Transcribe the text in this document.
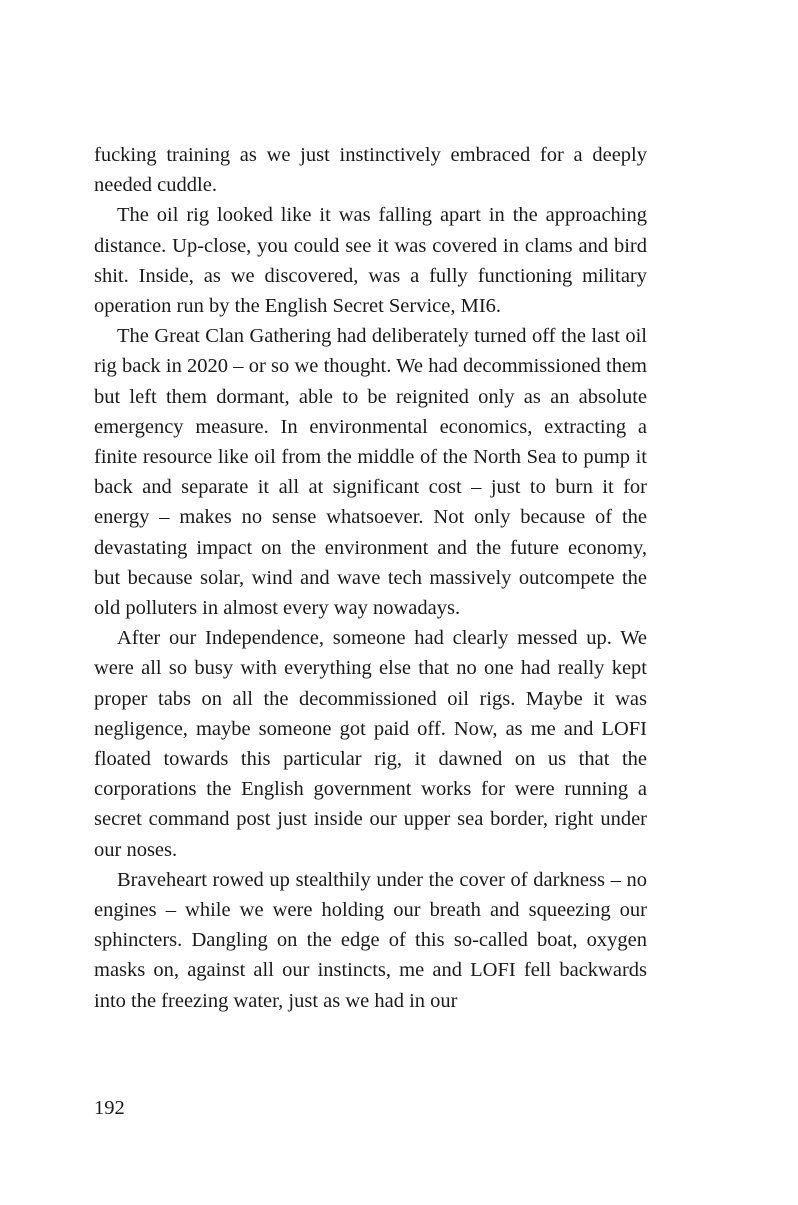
fucking training as we just instinctively embraced for a deeply needed cuddle.

The oil rig looked like it was falling apart in the approaching distance. Up-close, you could see it was covered in clams and bird shit. Inside, as we discovered, was a fully functioning military operation run by the English Secret Service, MI6.

The Great Clan Gathering had deliberately turned off the last oil rig back in 2020 – or so we thought. We had decommissioned them but left them dormant, able to be reignited only as an absolute emergency measure. In environmental economics, extracting a finite resource like oil from the middle of the North Sea to pump it back and separate it all at significant cost – just to burn it for energy – makes no sense whatsoever. Not only because of the devastating impact on the environment and the future economy, but because solar, wind and wave tech massively outcompete the old polluters in almost every way nowadays.

After our Independence, someone had clearly messed up. We were all so busy with everything else that no one had really kept proper tabs on all the decommissioned oil rigs. Maybe it was negligence, maybe someone got paid off. Now, as me and LOFI floated towards this particular rig, it dawned on us that the corporations the English government works for were running a secret command post just inside our upper sea border, right under our noses.

Braveheart rowed up stealthily under the cover of darkness – no engines – while we were holding our breath and squeezing our sphincters. Dangling on the edge of this so-called boat, oxygen masks on, against all our instincts, me and LOFI fell backwards into the freezing water, just as we had in our

192
